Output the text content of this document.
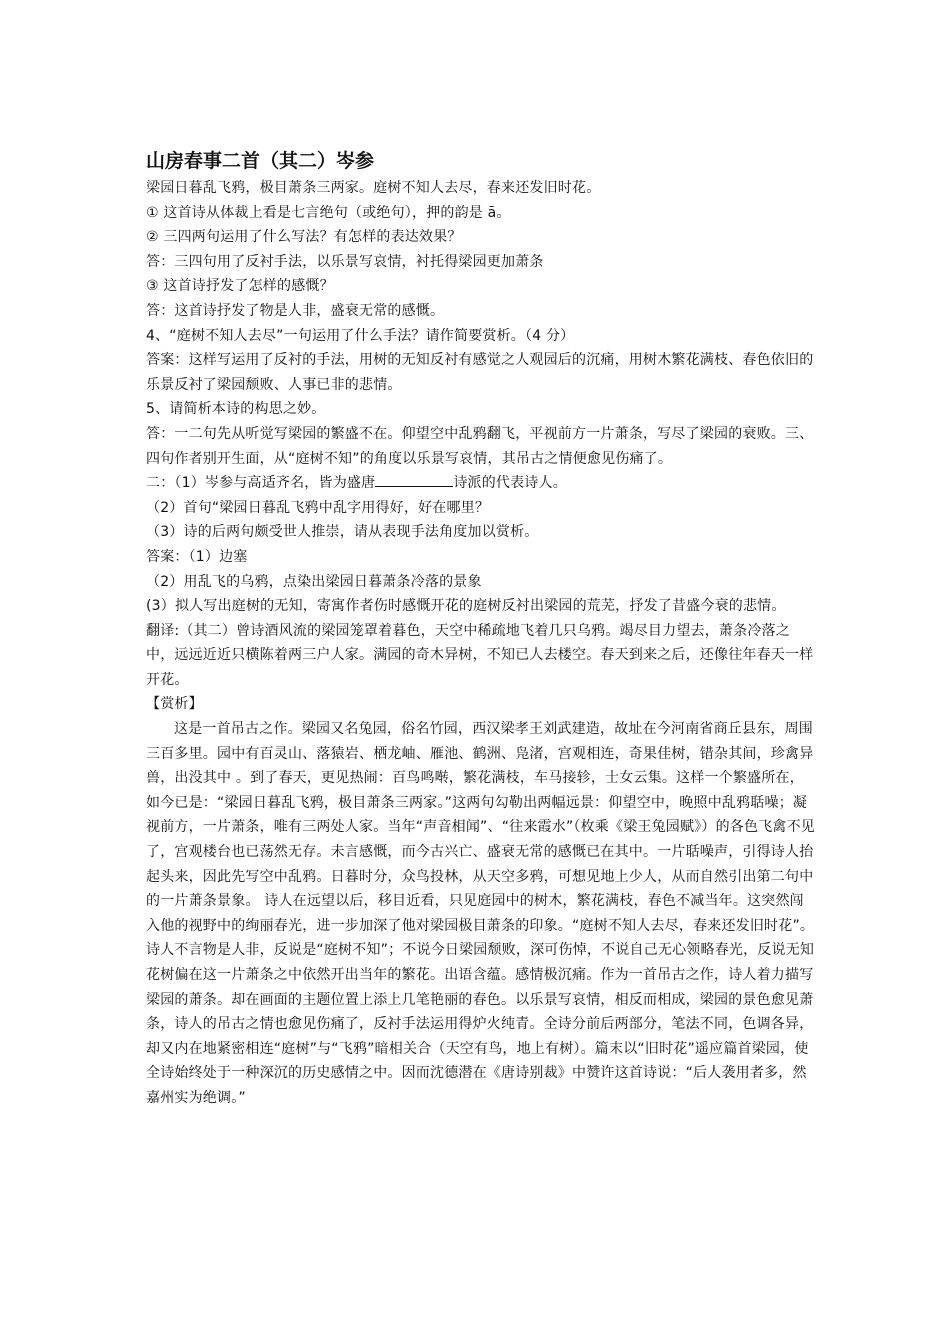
山房春事二首（其二）岑参

梁园日暮乱飞鸦，极目萧条三两家。庭树不知人去尽，春来还发旧时花。

① 这首诗从体裁上看是七言绝句（或绝句），押的韵是 ā。

② 三四两句运用了什么写法？有怎样的表达效果？

答：三四句用了反衬手法，以乐景写哀情，衬托得梁园更加萧条

③ 这首诗抒发了怎样的感慨？

答：这首诗抒发了物是人非，盛衰无常的感慨。

4、“庭树不知人去尽”一句运用了什么手法？请作简要赏析。（4 分）

答案：这样写运用了反衬的手法，用树的无知反衬有感觉之人观园后的沉痛，用树木繁花满枝、春色依旧的乐景反衬了梁园颓败、人事已非的悲情。

5、请简析本诗的构思之妙。

答：一二句先从听觉写梁园的繁盛不在。仰望空中乱鸦翻飞，平视前方一片萧条，写尽了梁园的衰败。三、四句作者别开生面，从“庭树不知”的角度以乐景写哀情，其吊古之情便愈见伤痛了。

二：（1）岑参与高适齐名，皆为盛唐	诗派的代表诗人。

（2）首句“梁园日暮乱飞鸦中乱字用得好，好在哪里？

（3）诗的后两句颇受世人推崇，请从表现手法角度加以赏析。

答案：（1）边塞

（2）用乱飞的乌鸦，点染出梁园日暮萧条冷落的景象

(3）拟人写出庭树的无知，寄寓作者伤时感慨开花的庭树反衬出梁园的荒芜，抒发了昔盛今衰的悲情。

翻译:（其二）曾诗酒风流的梁园笼罩着暮色，天空中稀疏地飞着几只乌鸦。竭尽目力望去，萧条冷落之中，远远近近只横陈着两三户人家。满园的奇木异树，不知已人去楼空。春天到来之后，还像往年春天一样开花。

【赏析】

这是一首吊古之作。梁园又名兔园，俗名竹园，西汉梁孝王刘武建造，故址在今河南省商丘县东，周围三百多里。园中有百灵山、落猿岩、栖龙岫、雁池、鹤洲、凫渚，宫观相连，奇果佳树，错杂其间，珍禽异兽，出没其中 。到了春天，更见热闹：百鸟鸣啭，繁花满枝，车马接轸，士女云集。这样一个繁盛所在，如今已是：“梁园日暮乱飞鸦，极目萧条三两家。”这两句勾勒出两幅远景：仰望空中，晚照中乱鸦聒噪；凝视前方，一片萧条，唯有三两处人家。当年“声音相闻”、“往来霞水”（枚乘《梁王兔园赋》）的各色飞禽不见了，宫观楼台也已荡然无存。未言感慨，而今古兴亡、盛衰无常的感慨已在其中。一片聒噪声，引得诗人抬起头来，因此先写空中乱鸦。日暮时分，众鸟投林，从天空多鸦，可想见地上少人，从而自然引出第二句中的一片萧条景象。 诗人在远望以后，移目近看，只见庭园中的树木，繁花满枝，春色不减当年。这突然闯入他的视野中的绚丽春光，进一步加深了他对梁园极目萧条的印象。“庭树不知人去尽，春来还发旧时花”。诗人不言物是人非，反说是“庭树不知”；不说今日梁园颓败，深可伤悼，不说自己无心领略春光，反说无知花树偏在这一片萧条之中依然开出当年的繁花。出语含蕴。感情极沉痛。作为一首吊古之作，诗人着力描写梁园的萧条。却在画面的主题位置上添上几笔艳丽的春色。以乐景写哀情，相反而相成，梁园的景色愈见萧条，诗人的吊古之情也愈见伤痛了，反衬手法运用得炉火纯青。全诗分前后两部分，笔法不同，色调各异，却又内在地紧密相连“庭树”与“飞鸦”暗相关合（天空有鸟，地上有树）。篇末以“旧时花”遥应篇首梁园，使全诗始终处于一种深沉的历史感情之中。因而沈德潜在《唐诗别裁》中赞许这首诗说：“后人袭用者多，然嘉州实为绝调。”
